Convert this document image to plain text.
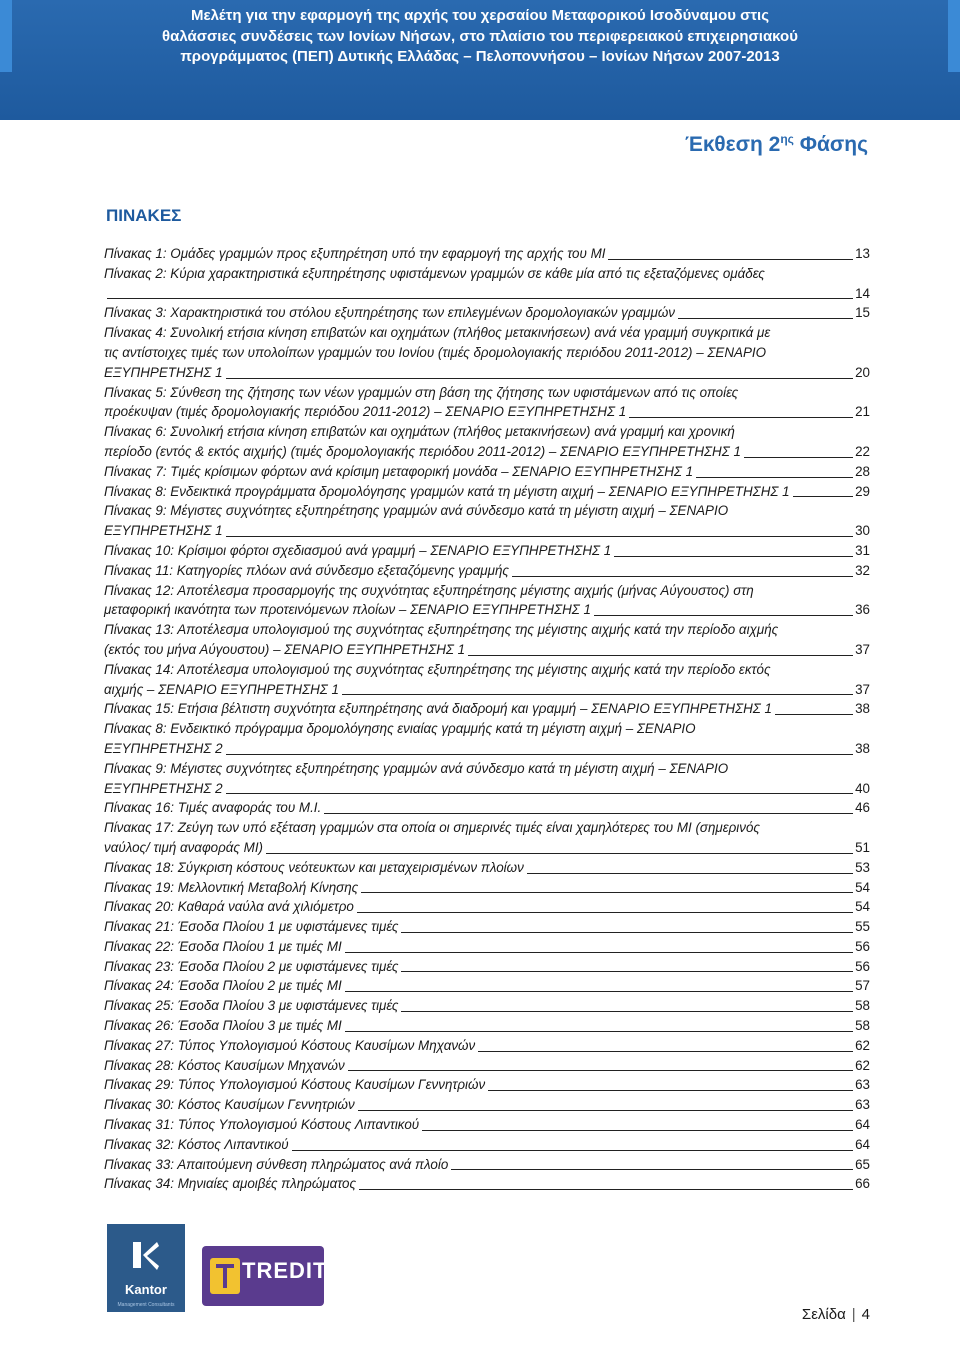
Μελέτη για την εφαρμογή της αρχής του χερσαίου Μεταφορικού Ισοδύναμου στις
θαλάσσιες συνδέσεις των Ιονίων Νήσων, στο πλαίσιο του περιφερειακού επιχειρησιακού
προγράμματος (ΠΕΠ) Δυτικής Ελλάδας – Πελοποννήσου – Ιονίων Νήσων 2007-2013
Έκθεση $2^{\eta\varsigma}$ Φάσης
ΠΙΝΑΚΕΣ
Πίνακας 1: Ομάδες γραμμών προς εξυπηρέτηση υπό την εφαρμογή της αρχής του ΜΙ	13
Πίνακας 2: Κύρια χαρακτηριστικά εξυπηρέτησης υφιστάμενων γραμμών σε κάθε μία από τις εξεταζόμενες ομάδες
14
Πίνακας 3: Χαρακτηριστικά του στόλου εξυπηρέτησης των επιλεγμένων δρομολογιακών γραμμών	15
Πίνακας 4: Συνολική ετήσια κίνηση επιβατών και οχημάτων (πλήθος μετακινήσεων) ανά νέα γραμμή συγκριτικά με
τις αντίστοιχες τιμές των υπολοίπων γραμμών του Ιονίου (τιμές δρομολογιακής περιόδου 2011-2012) – ΣΕΝΑΡΙΟ
ΕΞΥΠΗΡΕΤΗΣΗΣ 1	20
Πίνακας 5: Σύνθεση της ζήτησης των νέων γραμμών στη βάση της ζήτησης των υφιστάμενων από τις οποίες
προέκυψαν (τιμές δρομολογιακής περιόδου 2011-2012) – ΣΕΝΑΡΙΟ ΕΞΥΠΗΡΕΤΗΣΗΣ 1	21
Πίνακας 6: Συνολική ετήσια κίνηση επιβατών και οχημάτων (πλήθος μετακινήσεων) ανά γραμμή και χρονική
περίοδο (εντός & εκτός αιχμής) (τιμές δρομολογιακής περιόδου 2011-2012) – ΣΕΝΑΡΙΟ ΕΞΥΠΗΡΕΤΗΣΗΣ 1	22
Πίνακας 7: Τιμές κρίσιμων φόρτων ανά κρίσιμη μεταφορική μονάδα – ΣΕΝΑΡΙΟ ΕΞΥΠΗΡΕΤΗΣΗΣ 1	28
Πίνακας 8: Ενδεικτικά προγράμματα δρομολόγησης γραμμών κατά τη μέγιστη αιχμή – ΣΕΝΑΡΙΟ ΕΞΥΠΗΡΕΤΗΣΗΣ 1	29
Πίνακας 9: Μέγιστες συχνότητες εξυπηρέτησης γραμμών ανά σύνδεσμο κατά τη μέγιστη αιχμή – ΣΕΝΑΡΙΟ
ΕΞΥΠΗΡΕΤΗΣΗΣ 1	30
Πίνακας 10: Κρίσιμοι φόρτοι σχεδιασμού ανά γραμμή – ΣΕΝΑΡΙΟ ΕΞΥΠΗΡΕΤΗΣΗΣ 1	31
Πίνακας 11: Κατηγορίες πλόων ανά σύνδεσμο εξεταζόμενης γραμμής	32
Πίνακας 12: Αποτέλεσμα προσαρμογής της συχνότητας εξυπηρέτησης μέγιστης αιχμής (μήνας Αύγουστος) στη
μεταφορική ικανότητα των προτεινόμενων πλοίων – ΣΕΝΑΡΙΟ ΕΞΥΠΗΡΕΤΗΣΗΣ 1	36
Πίνακας 13: Αποτέλεσμα υπολογισμού της συχνότητας εξυπηρέτησης της μέγιστης αιχμής κατά την περίοδο αιχμής
(εκτός του μήνα Αύγουστου) – ΣΕΝΑΡΙΟ ΕΞΥΠΗΡΕΤΗΣΗΣ 1	37
Πίνακας 14: Αποτέλεσμα υπολογισμού της συχνότητας εξυπηρέτησης της μέγιστης αιχμής κατά την περίοδο εκτός
αιχμής – ΣΕΝΑΡΙΟ ΕΞΥΠΗΡΕΤΗΣΗΣ 1	37
Πίνακας 15: Ετήσια βέλτιστη συχνότητα εξυπηρέτησης ανά διαδρομή και γραμμή – ΣΕΝΑΡΙΟ ΕΞΥΠΗΡΕΤΗΣΗΣ 1	38
Πίνακας 8: Ενδεικτικό πρόγραμμα δρομολόγησης ενιαίας γραμμής κατά τη μέγιστη αιχμή – ΣΕΝΑΡΙΟ
ΕΞΥΠΗΡΕΤΗΣΗΣ 2	38
Πίνακας 9: Μέγιστες συχνότητες εξυπηρέτησης γραμμών ανά σύνδεσμο κατά τη μέγιστη αιχμή – ΣΕΝΑΡΙΟ
ΕΞΥΠΗΡΕΤΗΣΗΣ 2	40
Πίνακας 16: Τιμές αναφοράς του Μ.Ι.	46
Πίνακας 17: Ζεύγη των υπό εξέταση γραμμών στα οποία οι σημερινές τιμές είναι χαμηλότερες του ΜΙ (σημερινός
ναύλος/ τιμή αναφοράς ΜΙ)	51
Πίνακας 18: Σύγκριση κόστους νεότευκτων και μεταχειρισμένων πλοίων	53
Πίνακας 19: Μελλοντική Μεταβολή Κίνησης	54
Πίνακας 20: Καθαρά ναύλα ανά χιλιόμετρο	54
Πίνακας 21: Έσοδα Πλοίου 1 με υφιστάμενες τιμές	55
Πίνακας 22: Έσοδα Πλοίου 1 με τιμές ΜΙ	56
Πίνακας 23: Έσοδα Πλοίου 2 με υφιστάμενες τιμές	56
Πίνακας 24: Έσοδα Πλοίου 2 με τιμές ΜΙ	57
Πίνακας 25: Έσοδα Πλοίου 3 με υφιστάμενες τιμές	58
Πίνακας 26: Έσοδα Πλοίου 3 με τιμές ΜΙ	58
Πίνακας 27: Τύπος Υπολογισμού Κόστους Καυσίμων Μηχανών	62
Πίνακας 28: Κόστος Καυσίμων Μηχανών	62
Πίνακας 29: Τύπος Υπολογισμού Κόστους Καυσίμων Γεννητριών	63
Πίνακας 30: Κόστος Καυσίμων Γεννητριών	63
Πίνακας 31: Τύπος Υπολογισμού Κόστους Λιπαντικού	64
Πίνακας 32: Κόστος Λιπαντικού	64
Πίνακας 33: Απαιτούμενη σύνθεση πληρώματος ανά πλοίο	65
Πίνακας 34: Μηνιαίες αμοιβές πληρώματος	66
Kantor
Management Consultants
TREDIT
Σελίδα | 4
